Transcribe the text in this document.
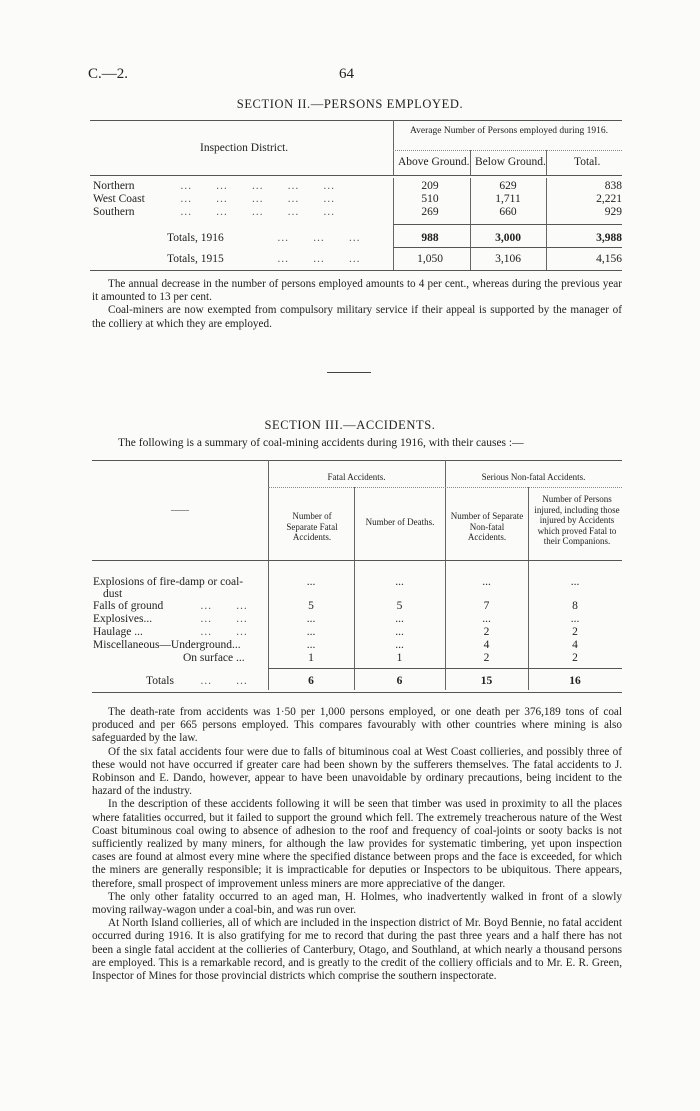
C.—2.	64
SECTION II.—PERSONS EMPLOYED.
Inspection District.
Average Number of Persons employed during 1916.
Above Ground. Below Ground. Total.
Northern	…      …      …      …      …	209	629	838
West Coast	…      …      …      …      …	510	1,711	2,221
Southern	…      …      …      …      …	269	660	929
Totals, 1916	…      …      …	988	3,000	3,988
Totals, 1915	…      …      …	1,050	3,106	4,156

The annual decrease in the number of persons employed amounts to 4 per cent., whereas during the previous year it amounted to 13 per cent.

Coal-miners are now exempted from compulsory military service if their appeal is supported by the manager of the colliery at which they are employed.

SECTION III.—ACCIDENTS.
The following is a summary of coal-mining accidents during 1916, with their causes :—
Fatal Accidents.	Serious Non-fatal Accidents.
——
Number of Separate Fatal Accidents.
Number of Deaths.
Number of Separate Non-fatal Accidents.
Number of Persons injured, including those injured by Accidents which proved Fatal to their Companions.
Explosions of fire-damp or coal-
dust
...	...	...	...
Falls of ground	…      …	5	5	7	8
Explosives...	…      …	...	...	...	...
Haulage ...	…      …	...	...	2	2
Miscellaneous—Underground...	...	...	4	4
On surface ...	1	1	2	2
Totals …      …	6	6	15	16

The death-rate from accidents was 1·50 per 1,000 persons employed, or one death per 376,189 tons of coal produced and per 665 persons employed. This compares favourably with other countries where mining is also safeguarded by the law.

Of the six fatal accidents four were due to falls of bituminous coal at West Coast collieries, and possibly three of these would not have occurred if greater care had been shown by the sufferers themselves. The fatal accidents to J. Robinson and E. Dando, however, appear to have been unavoidable by ordinary precautions, being incident to the hazard of the industry.

In the description of these accidents following it will be seen that timber was used in proximity to all the places where fatalities occurred, but it failed to support the ground which fell. The extremely treacherous nature of the West Coast bituminous coal owing to absence of adhesion to the roof and frequency of coal-joints or sooty backs is not sufficiently realized by many miners, for although the law provides for systematic timbering, yet upon inspection cases are found at almost every mine where the specified distance between props and the face is exceeded, for which the miners are generally responsible; it is impracticable for deputies or Inspectors to be ubiquitous. There appears, therefore, small prospect of improvement unless miners are more appreciative of the danger.

The only other fatality occurred to an aged man, H. Holmes, who inadvertently walked in front of a slowly moving railway-wagon under a coal-bin, and was run over.

At North Island collieries, all of which are included in the inspection district of Mr. Boyd Bennie, no fatal accident occurred during 1916. It is also gratifying for me to record that during the past three years and a half there has not been a single fatal accident at the collieries of Canterbury, Otago, and Southland, at which nearly a thousand persons are employed. This is a remarkable record, and is greatly to the credit of the colliery officials and to Mr. E. R. Green, Inspector of Mines for those provincial districts which comprise the southern inspectorate.
